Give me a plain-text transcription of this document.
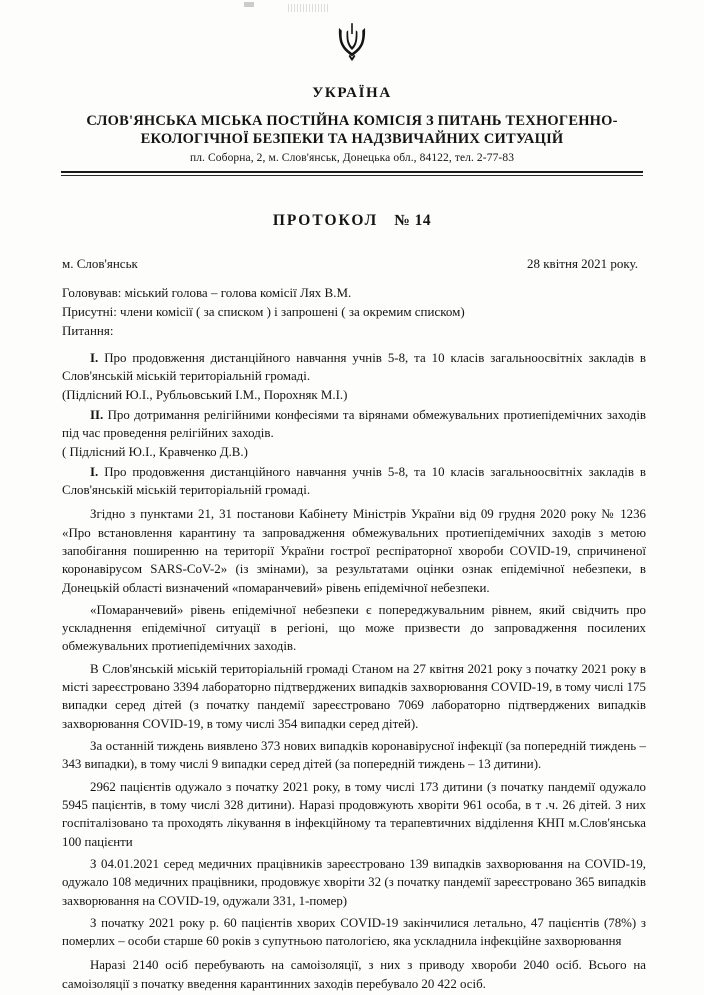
УКРАЇНА
СЛОВ'ЯНСЬКА МІСЬКА ПОСТІЙНА КОМІСІЯ З ПИТАНЬ ТЕХНОГЕННО-
ЕКОЛОГІЧНОЇ БЕЗПЕКИ ТА НАДЗВИЧАЙНИХ СИТУАЦІЙ
пл. Соборна, 2, м. Слов'янськ, Донецька обл., 84122, тел. 2-77-83
ПРОТОКОЛ № 14
м. Слов'янськ	28 квітня 2021 року.
Головував: міський голова – голова комісії Лях В.М.
Присутні: члени комісії ( за списком ) і запрошені ( за окремим списком)
Питання:

I. Про продовження дистанційного навчання учнів 5-8, та 10 класів загальноосвітніх закладів в Слов'янській міській територіальній громаді.

(Підлісний Ю.І., Рубльовський І.М., Порохняк М.І.)

II. Про дотримання релігійними конфесіями та вірянами обмежувальних протиепідемічних заходів під час проведення релігійних заходів.

( Підлісний Ю.І., Кравченко Д.В.)

I. Про продовження дистанційного навчання учнів 5-8, та 10 класів загальноосвітніх закладів в Слов'янській міській територіальній громаді.

Згідно з пунктами 21, 31 постанови Кабінету Міністрів України від 09 грудня 2020 року № 1236 «Про встановлення карантину та запровадження обмежувальних протиепідемічних заходів з метою запобігання поширенню на території України гострої респіраторної хвороби COVID-19, спричиненої коронавірусом SARS-CoV-2» (із змінами), за результатами оцінки ознак епідемічної небезпеки, в Донецькій області визначений «помаранчевий» рівень епідемічної небезпеки.

«Помаранчевий» рівень епідемічної небезпеки є попереджувальним рівнем, який свідчить про ускладнення епідемічної ситуації в регіоні, що може призвести до запровадження посилених обмежувальних протиепідемічних заходів.

В Слов'янській міській територіальній громаді Станом на 27 квітня 2021 року з початку 2021 року в місті зареєстровано 3394 лабораторно підтверджених випадків захворювання COVID-19, в тому числі 175 випадки серед дітей (з початку пандемії зареєстровано 7069 лабораторно підтверджених випадків захворювання COVID-19, в тому числі 354 випадки серед дітей).

За останній тиждень виявлено 373 нових випадків коронавірусної інфекції (за попередній тиждень – 343 випадки), в тому числі 9 випадки серед дітей (за попередній тиждень – 13 дитини).

2962 пацієнтів одужало з початку 2021 року, в тому числі 173 дитини (з початку пандемії одужало 5945 пацієнтів, в тому числі 328 дитини). Наразі продовжують хворіти 961 особа, в т .ч. 26 дітей. З них госпіталізовано та проходять лікування в інфекційному та терапевтичних відділення КНП м.Слов'янська 100 пацієнти

З 04.01.2021 серед медичних працівників зареєстровано 139 випадків захворювання на COVID-19, одужало 108 медичних працівники, продовжує хворіти 32 (з початку пандемії зареєстровано 365 випадків захворювання на COVID-19, одужали 331, 1-помер)

З початку 2021 року р. 60 пацієнтів хворих COVID-19 закінчилися летально, 47 пацієнтів (78%) з померлих – особи старше 60 років з супутньою патологією, яка ускладнила інфекційне захворювання

Наразі 2140 осіб перебувають на самоізоляції, з них з приводу хвороби 2040 осіб. Всього на самоізоляції з початку введення карантинних заходів перебувало 20 422 осіб.
